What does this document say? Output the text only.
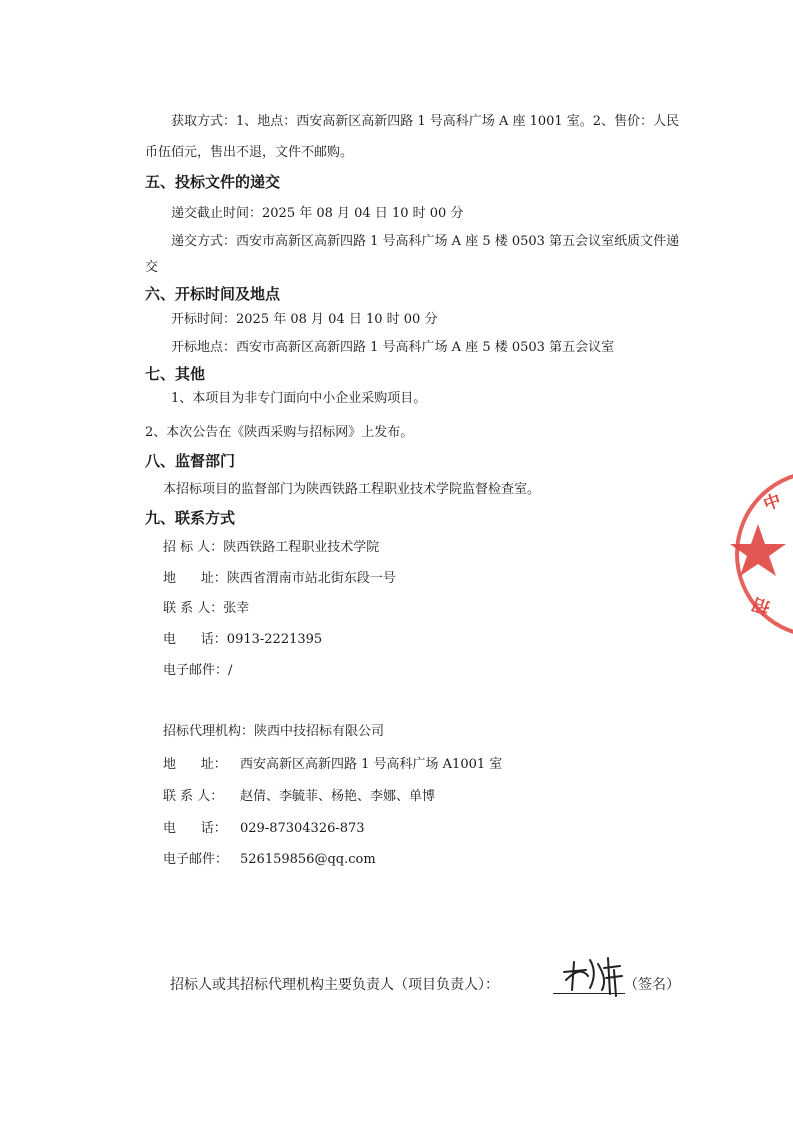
获取方式：1、地点：西安高新区高新四路 1 号高科广场 A 座 1001 室。2、售价：人民
币伍佰元，售出不退，文件不邮购。
五、投标文件的递交
递交截止时间：2025 年 08 月 04 日 10 时 00 分
递交方式：西安市高新区高新四路 1 号高科广场 A 座 5 楼 0503 第五会议室纸质文件递
交
六、开标时间及地点
开标时间：2025 年 08 月 04 日 10 时 00 分
开标地点：西安市高新区高新四路 1 号高科广场 A 座 5 楼 0503 第五会议室
七、其他
1、本项目为非专门面向中小企业采购项目。
2、本次公告在《陕西采购与招标网》上发布。
八、监督部门
本招标项目的监督部门为陕西铁路工程职业技术学院监督检查室。
九、联系方式
招 标 人：陕西铁路工程职业技术学院
地      址：陕西省渭南市站北街东段一号
联 系 人：张幸
电      话：0913-2221395
电子邮件：/
招标代理机构：陕西中技招标有限公司
地      址： 西安高新区高新四路 1 号高科广场 A1001 室
联 系 人： 赵倩、李毓菲、杨艳、李娜、单博
电      话： 029-87304326-873
电子邮件： 526159856@qq.com
招标人或其招标代理机构主要负责人（项目负责人）：	（签名）
中
招
